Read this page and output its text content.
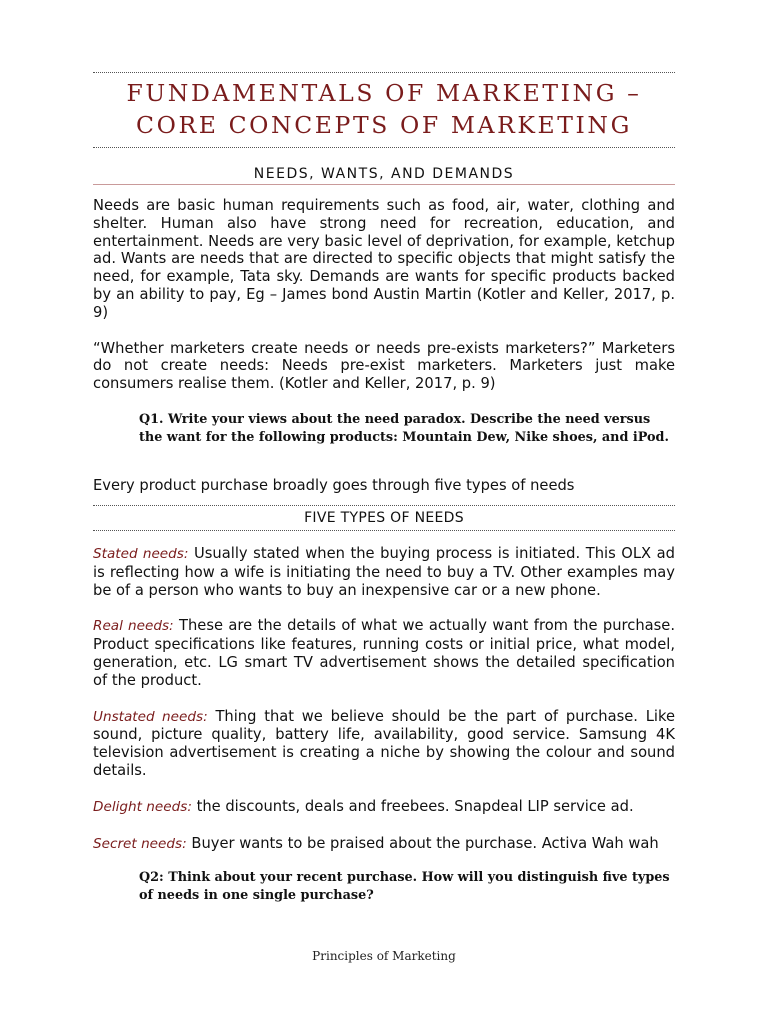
FUNDAMENTALS OF MARKETING –
CORE CONCEPTS OF MARKETING
NEEDS, WANTS, AND DEMANDS

Needs are basic human requirements such as food, air, water, clothing and shelter. Human also have strong need for recreation, education, and entertainment. Needs are very basic level of deprivation, for example, ketchup ad. Wants are needs that are directed to specific objects that might satisfy the need, for example, Tata sky. Demands are wants for specific products backed by an ability to pay, Eg – James bond Austin Martin (Kotler and Keller, 2017, p. 9)

“Whether marketers create needs or needs pre-exists marketers?” Marketers do not create needs: Needs pre-exist marketers. Marketers just make consumers realise them. (Kotler and Keller, 2017, p. 9)

Q1. Write your views about the need paradox. Describe the need versus the want for the following products: Mountain Dew, Nike shoes, and iPod.

Every product purchase broadly goes through five types of needs

FIVE TYPES OF NEEDS

Stated needs: Usually stated when the buying process is initiated. This OLX ad is reflecting how a wife is initiating the need to buy a TV. Other examples may be of a person who wants to buy an inexpensive car or a new phone.

Real needs: These are the details of what we actually want from the purchase. Product specifications like features, running costs or initial price, what model, generation, etc. LG smart TV advertisement shows the detailed specification of the product.

Unstated needs: Thing that we believe should be the part of purchase. Like sound, picture quality, battery life, availability, good service. Samsung 4K television advertisement is creating a niche by showing the colour and sound details.

Delight needs: the discounts, deals and freebees. Snapdeal LIP service ad.

Secret needs: Buyer wants to be praised about the purchase. Activa Wah wah

Q2: Think about your recent purchase. How will you distinguish five types of needs in one single purchase?

Principles of Marketing
